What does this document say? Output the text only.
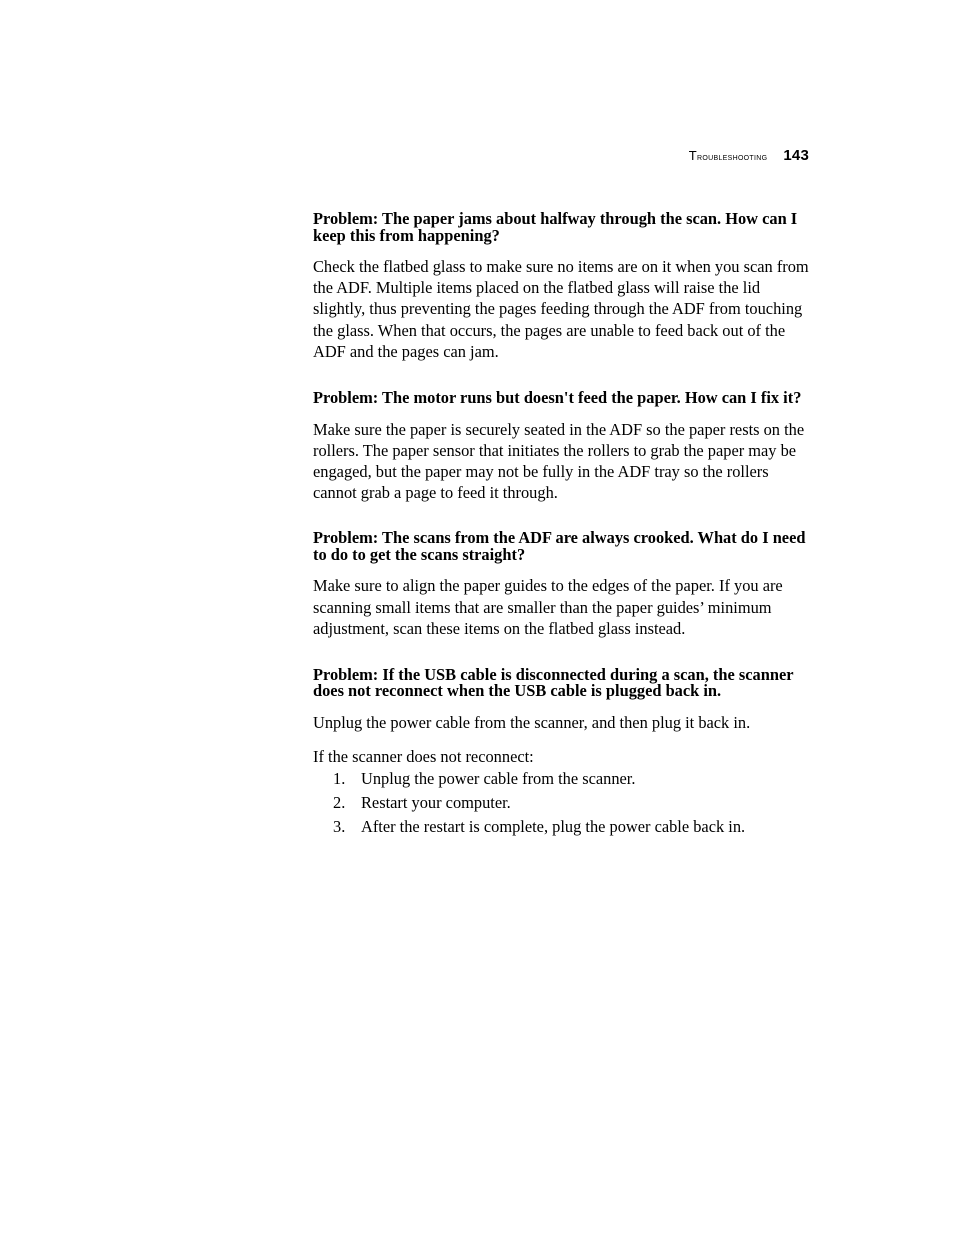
Troubleshooting 143
Problem: The paper jams about halfway through the scan. How can I keep this from happening?

Check the flatbed glass to make sure no items are on it when you scan from the ADF. Multiple items placed on the flatbed glass will raise the lid slightly, thus preventing the pages feeding through the ADF from touching the glass. When that occurs, the pages are unable to feed back out of the ADF and the pages can jam.

Problem: The motor runs but doesn't feed the paper. How can I fix it?

Make sure the paper is securely seated in the ADF so the paper rests on the rollers. The paper sensor that initiates the rollers to grab the paper may be engaged, but the paper may not be fully in the ADF tray so the rollers cannot grab a page to feed it through.

Problem: The scans from the ADF are always crooked. What do I need to do to get the scans straight?

Make sure to align the paper guides to the edges of the paper. If you are scanning small items that are smaller than the paper guides’ minimum adjustment, scan these items on the flatbed glass instead.

Problem: If the USB cable is disconnected during a scan, the scanner does not reconnect when the USB cable is plugged back in.

Unplug the power cable from the scanner, and then plug it back in.

If the scanner does not reconnect:

1. Unplug the power cable from the scanner.
2. Restart your computer.
3. After the restart is complete, plug the power cable back in.
